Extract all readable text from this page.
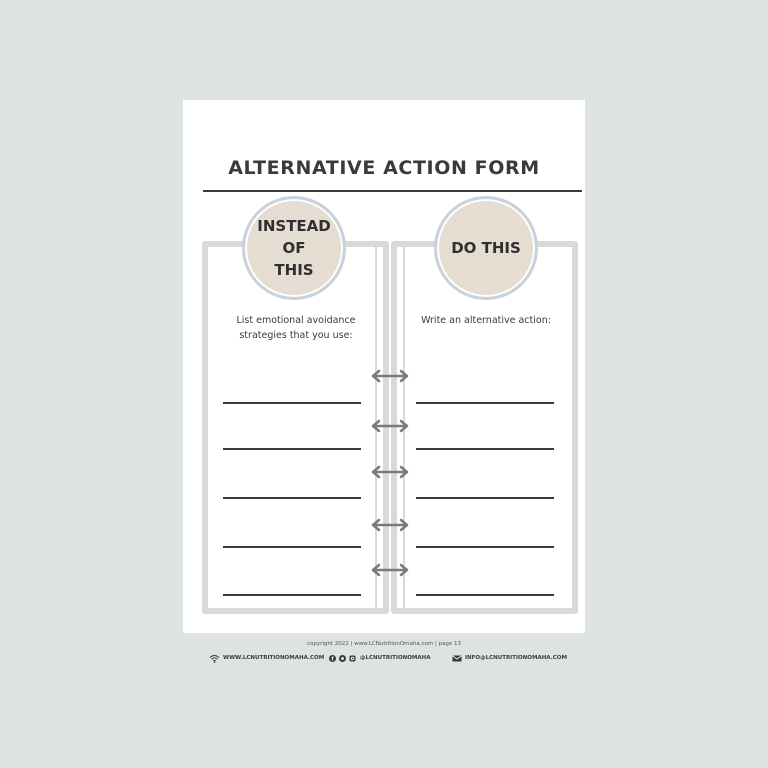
ALTERNATIVE ACTION FORM
INSTEAD
OF
THIS
DO THIS
List emotional avoidance strategies that you use:
Write an alternative action:
copyright 2022 | www.LCNutritionOmaha.com | page 13
WWW.LCNUTRITIONOMAHA.COM f	@LCNUTRITIONOMAHA	INFO@LCNUTRITIONOMAHA.COM
